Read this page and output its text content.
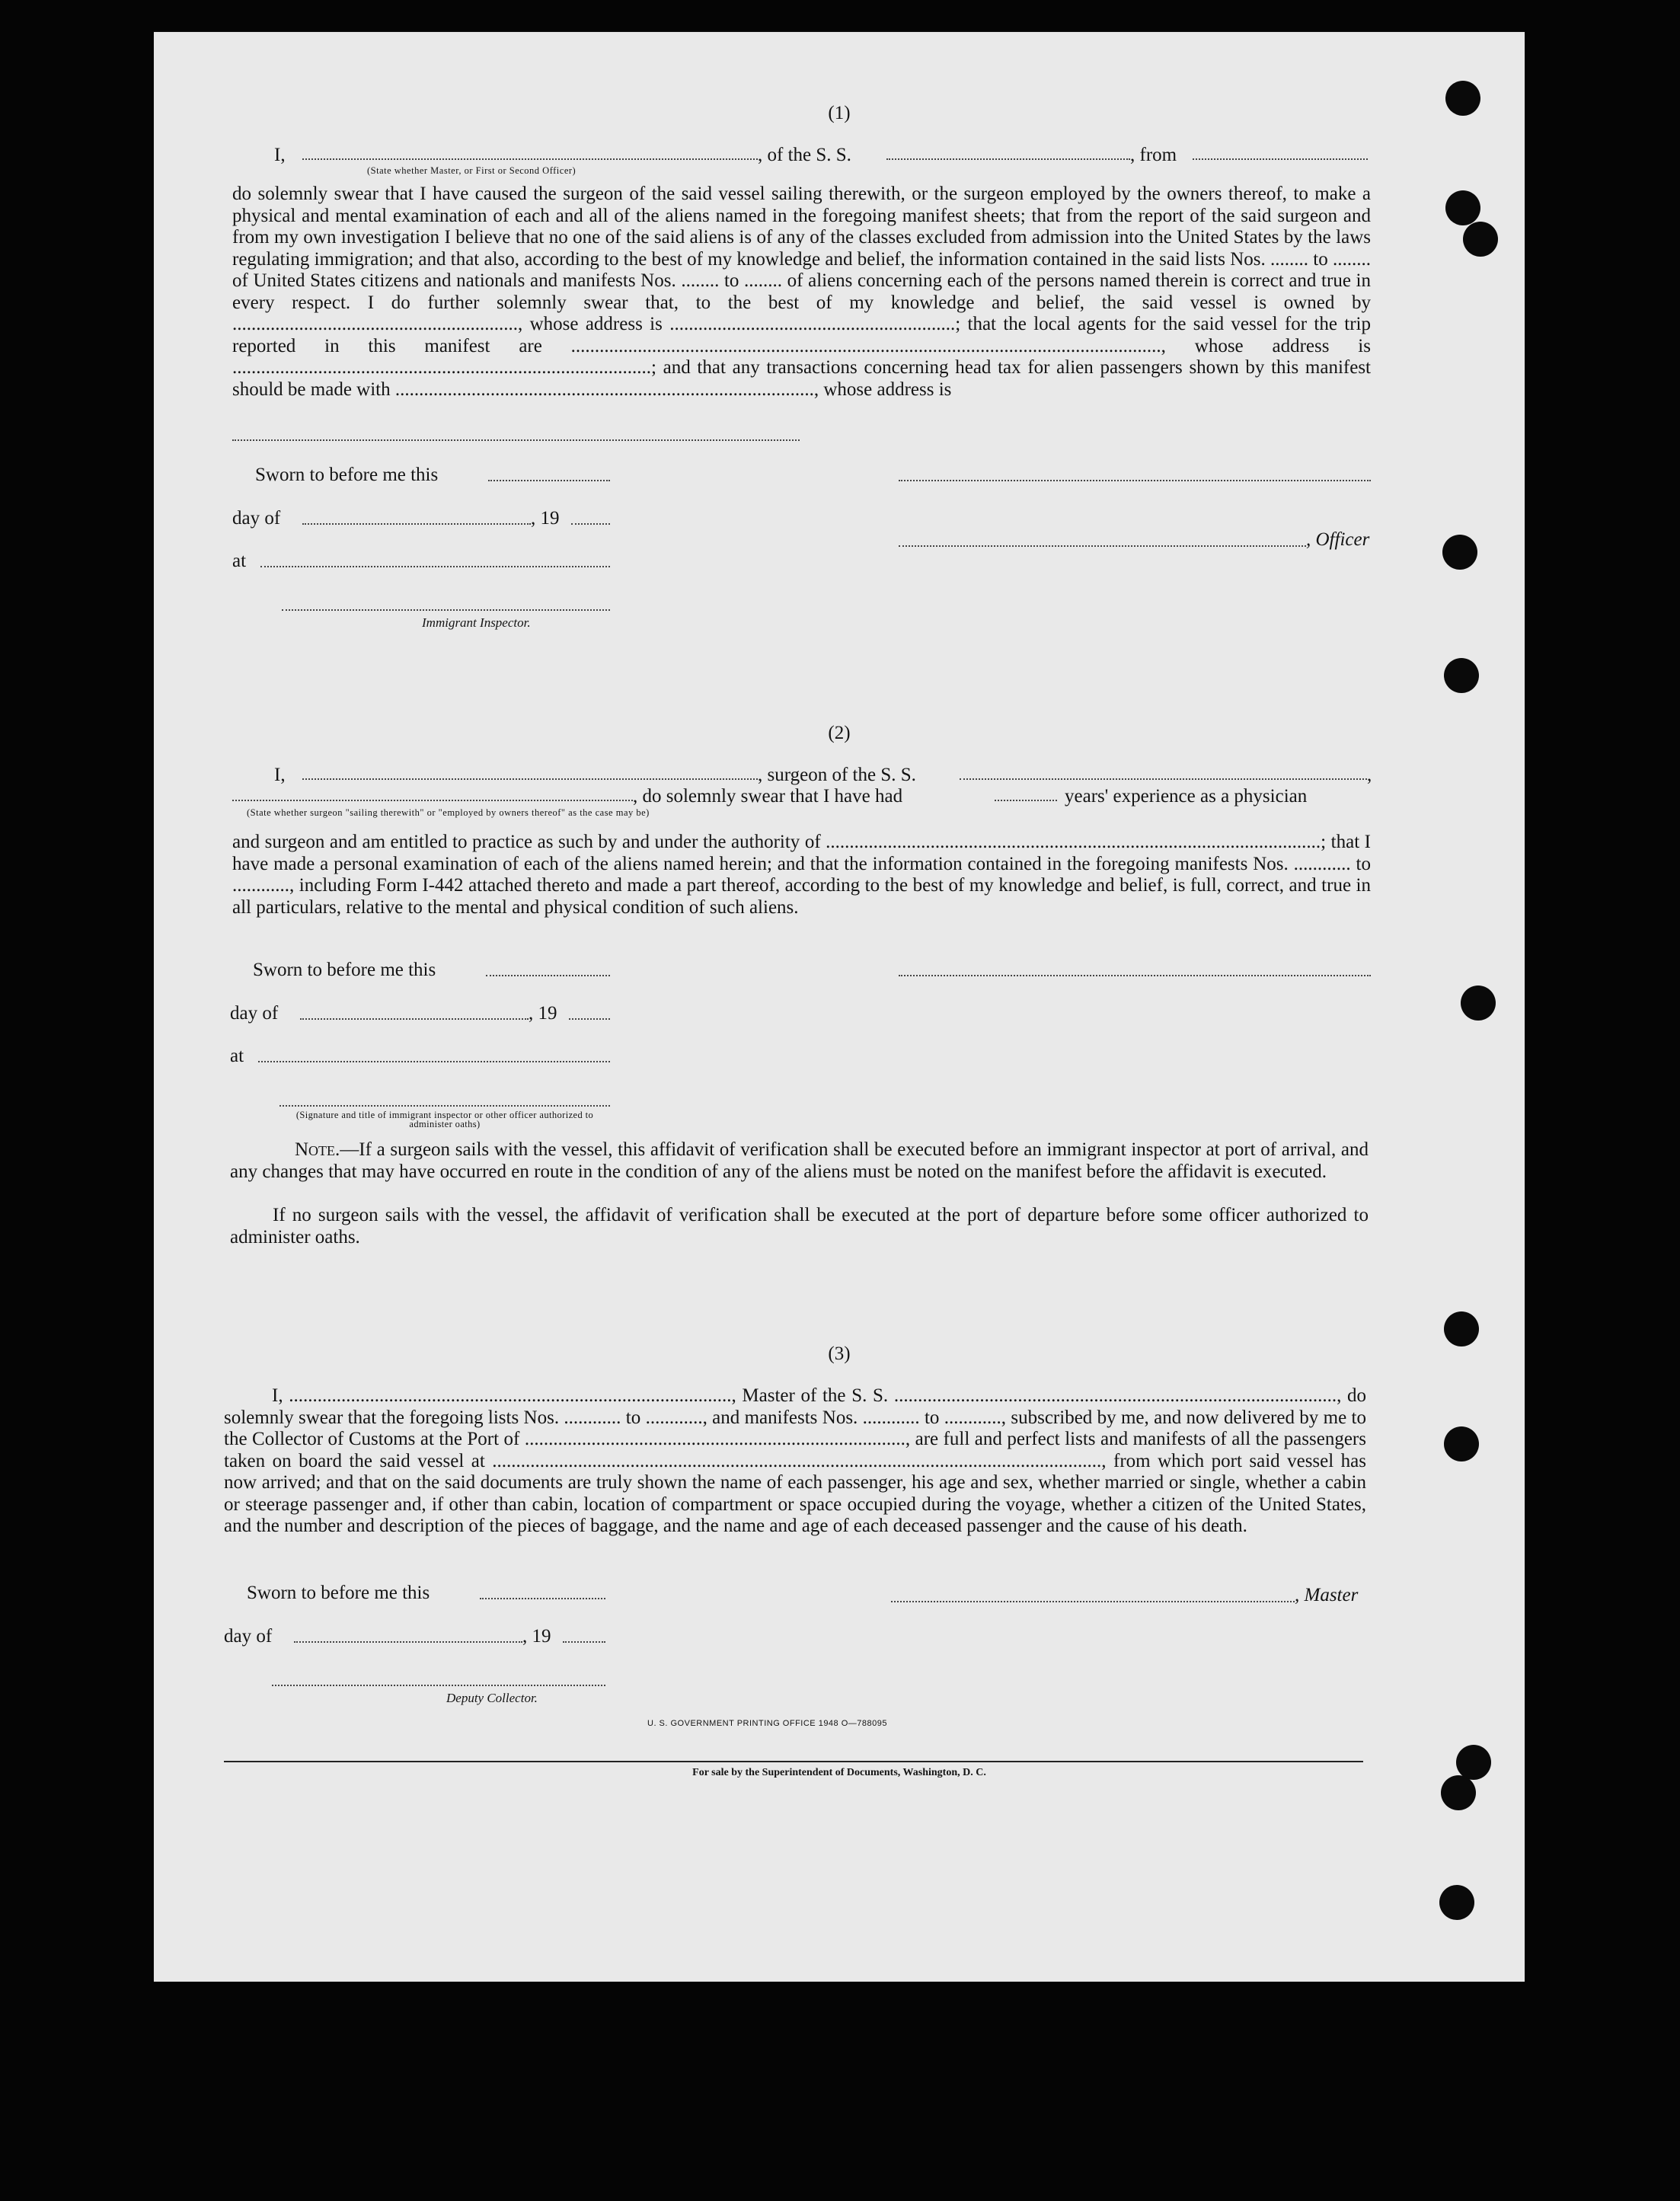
(1)
I,	, of the S. S.	, from
(State whether Master, or First or Second Officer)
do solemnly swear that I have caused the surgeon of the said vessel sailing therewith, or the surgeon employed by the owners thereof, to make a physical and mental examination of each and all of the aliens named in the foregoing manifest sheets; that from the report of the said surgeon and from my own investigation I believe that no one of the said aliens is of any of the classes excluded from admission into the United States by the laws regulating immigration; and that also, according to the best of my knowledge and belief, the information contained in the said lists Nos. ........ to ........ of United States citizens and nationals and manifests Nos. ........ to ........ of aliens concerning each of the persons named therein is correct and true in every respect. I do further solemnly swear that, to the best of my knowledge and belief, the said vessel is owned by ............................................................, whose address is ............................................................; that the local agents for the said vessel for the trip reported in this manifest are ............................................................................................................................, whose address is ........................................................................................; and that any transactions concerning head tax for alien passengers shown by this manifest should be made with ........................................................................................, whose address is
Sworn to before me this
day of	, 19
, Officer
at
Immigrant Inspector.
(2)
I,	, surgeon of the S. S.	,
, do solemnly swear that I have had	years' experience as a physician
(State whether surgeon "sailing therewith" or "employed by owners thereof" as the case may be)
and surgeon and am entitled to practice as such by and under the authority of ........................................................................................................; that I have made a personal examination of each of the aliens named herein; and that the information contained in the foregoing manifests Nos. ............ to ............, including Form I-442 attached thereto and made a part thereof, according to the best of my knowledge and belief, is full, correct, and true in all particulars, relative to the mental and physical condition of such aliens.
Sworn to before me this
day of	, 19
at
(Signature and title of immigrant inspector or other officer authorized to administer oaths)
Note.—If a surgeon sails with the vessel, this affidavit of verification shall be executed before an immigrant inspector at port of arrival, and any changes that may have occurred en route in the condition of any of the aliens must be noted on the manifest before the affidavit is executed.
If no surgeon sails with the vessel, the affidavit of verification shall be executed at the port of departure before some officer authorized to administer oaths.
(3)
I, ............................................................................................., Master of the S. S. ............................................................................................., do solemnly swear that the foregoing lists Nos. ............ to ............, and manifests Nos. ............ to ............, subscribed by me, and now delivered by me to the Collector of Customs at the Port of ................................................................................, are full and perfect lists and manifests of all the passengers taken on board the said vessel at ................................................................................................................................, from which port said vessel has now arrived; and that on the said documents are truly shown the name of each passenger, his age and sex, whether married or single, whether a cabin or steerage passenger and, if other than cabin, location of compartment or space occupied during the voyage, whether a citizen of the United States, and the number and description of the pieces of baggage, and the name and age of each deceased passenger and the cause of his death.
Sworn to before me this	, Master
day of	, 19
Deputy Collector.
U. S. GOVERNMENT PRINTING OFFICE 1948 O—788095
For sale by the Superintendent of Documents, Washington, D. C.
